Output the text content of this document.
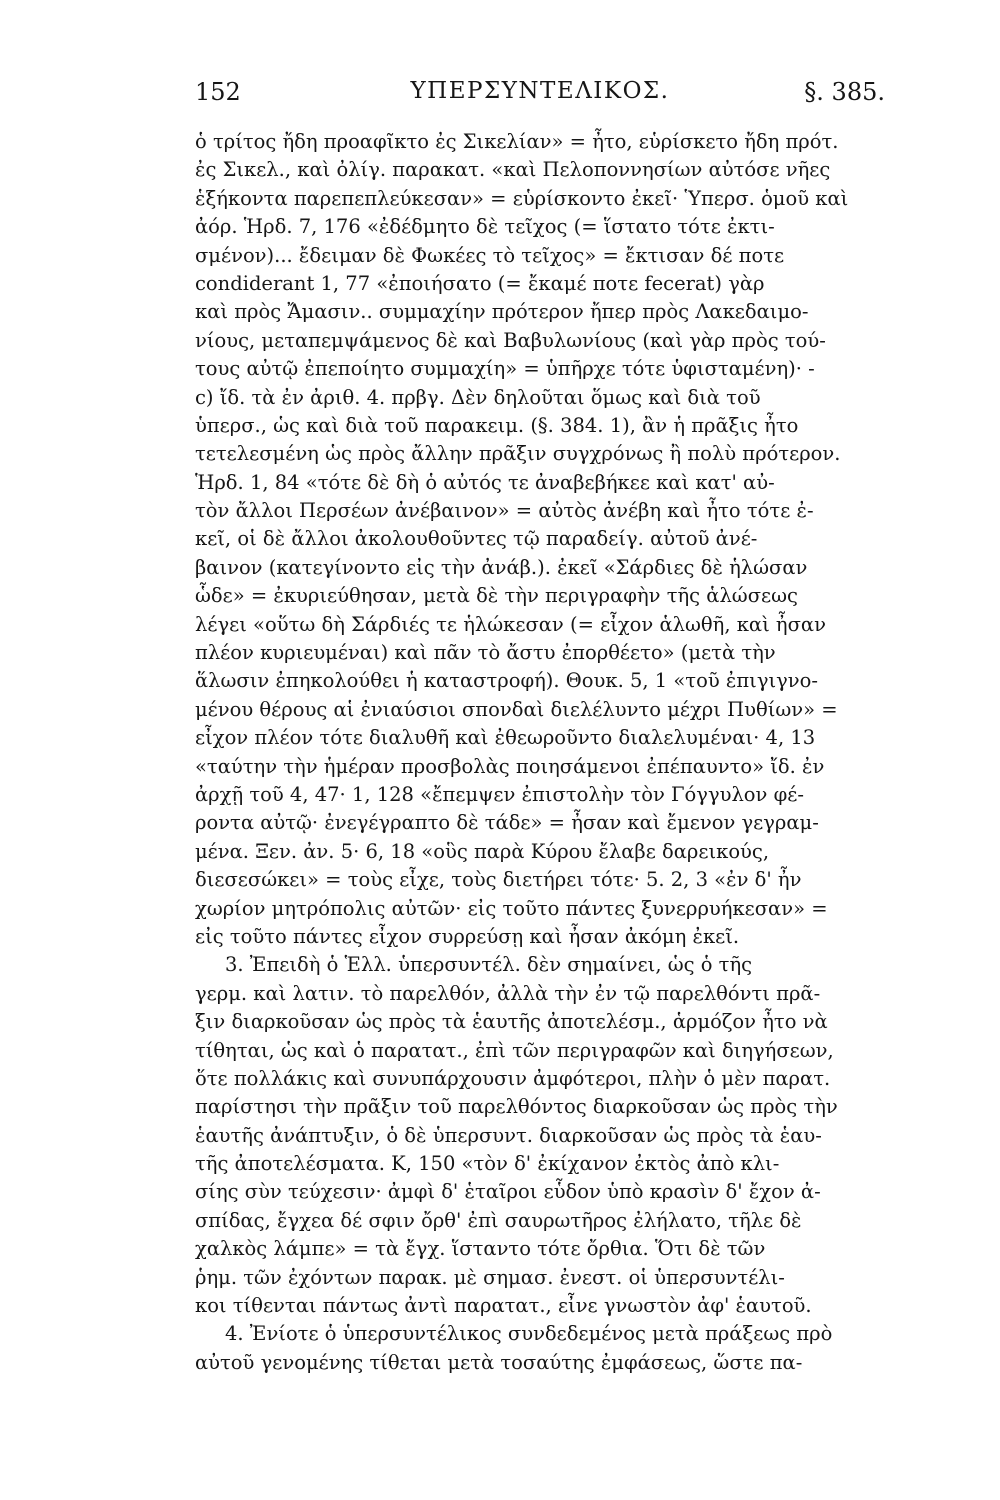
152	ΥΠΕΡΣΥΝΤΕΛΙΚΟΣ.	§. 385.
ὁ τρίτος ἤδη προαφῖκτο ἐς Σικελίαν» = ἦτο, εὑρίσκετο ἤδη πρότ.
ἐς Σικελ., καὶ ὀλίγ. παρακατ. «καὶ Πελοποννησίων αὐτόσε νῆες
ἑξήκοντα παρεπεπλεύκεσαν» = εὑρίσκοντο ἐκεῖ· Ὑπερσ. ὁμοῦ καὶ
ἀόρ. Ἡρδ. 7, 176 «ἐδέδμητο δὲ τεῖχος (= ἵστατο τότε ἐκτι-
σμένον)... ἔδειμαν δὲ Φωκέες τὸ τεῖχος» = ἔκτισαν δέ ποτε
condiderant 1, 77 «ἐποιήσατο (= ἔκαμέ ποτε fecerat) γὰρ
καὶ πρὸς Ἄμασιν.. συμμαχίην πρότερον ἤπερ πρὸς Λακεδαιμο-
νίους, μεταπεμψάμενος δὲ καὶ Βαβυλωνίους (καὶ γὰρ πρὸς τού-
τους αὐτῷ ἐπεποίητο συμμαχίη» = ὑπῆρχε τότε ὑφισταμένη)· -
c) ἴδ. τὰ ἐν ἀριθ. 4. πρβγ. Δὲν δηλοῦται ὅμως καὶ διὰ τοῦ
ὑπερσ., ὡς καὶ διὰ τοῦ παρακειμ. (§. 384. 1), ἂν ἡ πρᾶξις ἦτο
τετελεσμένη ὡς πρὸς ἄλλην πρᾶξιν συγχρόνως ἢ πολὺ πρότερον.
Ἡρδ. 1, 84 «τότε δὲ δὴ ὁ αὐτός τε ἀναβεβήκεε καὶ κατ' αὐ-
τὸν ἄλλοι Περσέων ἀνέβαινον» = αὐτὸς ἀνέβη καὶ ἦτο τότε ἐ-
κεῖ, οἱ δὲ ἄλλοι ἀκολουθοῦντες τῷ παραδείγ. αὐτοῦ ἀνέ-
βαινον (κατεγίνοντο εἰς τὴν ἀνάβ.). ἐκεῖ «Σάρδιες δὲ ἡλώσαν
ὧδε» = ἐκυριεύθησαν, μετὰ δὲ τὴν περιγραφὴν τῆς ἁλώσεως
λέγει «οὕτω δὴ Σάρδιές τε ἡλώκεσαν (= εἶχον ἁλωθῆ, καὶ ἦσαν
πλέον κυριευμέναι) καὶ πᾶν τὸ ἄστυ ἐπορθέετο» (μετὰ τὴν
ἅλωσιν ἐπηκολούθει ἡ καταστροφή). Θουκ. 5, 1 «τοῦ ἐπιγιγνο-
μένου θέρους αἱ ἐνιαύσιοι σπονδαὶ διελέλυντο μέχρι Πυθίων» =
εἶχον πλέον τότε διαλυθῆ καὶ ἐθεωροῦντο διαλελυμέναι· 4, 13
«ταύτην τὴν ἡμέραν προσβολὰς ποιησάμενοι ἐπέπαυντο» ἴδ. ἐν
ἀρχῇ τοῦ 4, 47· 1, 128 «ἔπεμψεν ἐπιστολὴν τὸν Γόγγυλον φέ-
ροντα αὐτῷ· ἐνεγέγραπτο δὲ τάδε» = ἦσαν καὶ ἔμενον γεγραμ-
μένα. Ξεν. ἀν. 5· 6, 18 «οὓς παρὰ Κύρου ἔλαβε δαρεικούς,
διεσεσώκει» = τοὺς εἶχε, τοὺς διετήρει τότε· 5. 2, 3 «ἐν δ' ἦν
χωρίον μητρόπολις αὐτῶν· εἰς τοῦτο πάντες ξυνερρυήκεσαν» =
εἰς τοῦτο πάντες εἶχον συρρεύσῃ καὶ ἦσαν ἀκόμη ἐκεῖ.
3. Ἐπειδὴ ὁ Ἑλλ. ὑπερσυντέλ. δὲν σημαίνει, ὡς ὁ τῆς
γερμ. καὶ λατιν. τὸ παρελθόν, ἀλλὰ τὴν ἐν τῷ παρελθόντι πρᾶ-
ξιν διαρκοῦσαν ὡς πρὸς τὰ ἑαυτῆς ἀποτελέσμ., ἁρμόζον ἦτο νὰ
τίθηται, ὡς καὶ ὁ παρατατ., ἐπὶ τῶν περιγραφῶν καὶ διηγήσεων,
ὅτε πολλάκις καὶ συνυπάρχουσιν ἀμφότεροι, πλὴν ὁ μὲν παρατ.
παρίστησι τὴν πρᾶξιν τοῦ παρελθόντος διαρκοῦσαν ὡς πρὸς τὴν
ἑαυτῆς ἀνάπτυξιν, ὁ δὲ ὑπερσυντ. διαρκοῦσαν ὡς πρὸς τὰ ἑαυ-
τῆς ἀποτελέσματα. Κ, 150 «τὸν δ' ἐκίχανον ἐκτὸς ἀπὸ κλι-
σίης σὺν τεύχεσιν· ἀμφὶ δ' ἑταῖροι εὗδον ὑπὸ κρασὶν δ' ἔχον ἀ-
σπίδας, ἔγχεα δέ σφιν ὄρθ' ἐπὶ σαυρωτῆρος ἐλήλατο, τῆλε δὲ
χαλκὸς λάμπε» = τὰ ἔγχ. ἵσταντο τότε ὄρθια. Ὅτι δὲ τῶν
ῥημ. τῶν ἐχόντων παρακ. μὲ σημασ. ἐνεστ. οἱ ὑπερσυντέλι-
κοι τίθενται πάντως ἀντὶ παρατατ., εἶνε γνωστὸν ἀφ' ἑαυτοῦ.
4. Ἐνίοτε ὁ ὑπερσυντέλικος συνδεδεμένος μετὰ πράξεως πρὸ
αὐτοῦ γενομένης τίθεται μετὰ τοσαύτης ἐμφάσεως, ὥστε πα-
